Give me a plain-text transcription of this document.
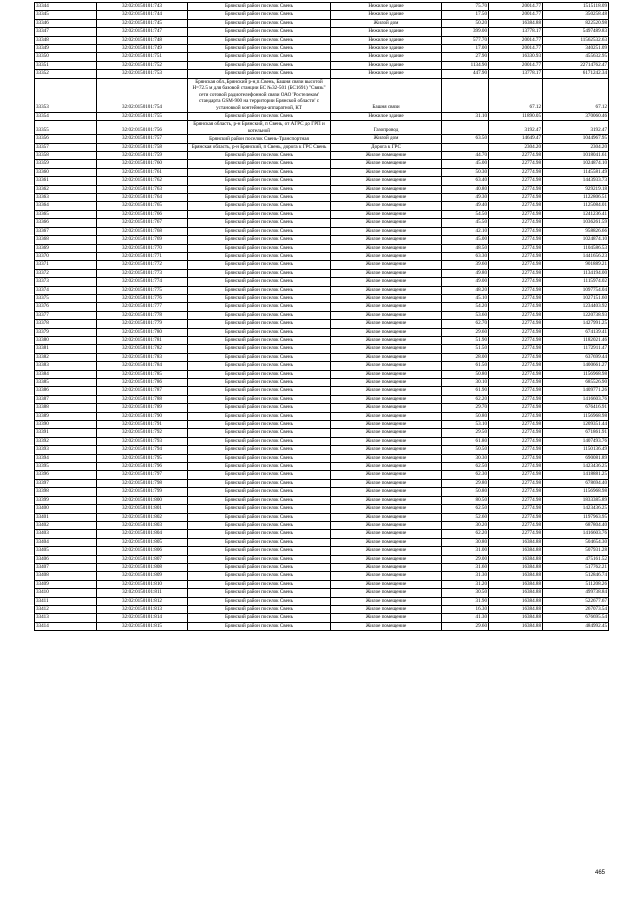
33344	32:02:0150101:743	Брянский район поселок Свень	Нежилое здание	75.70	20014.77	1515118.09
33345	32:02:0150101:744	Брянский район поселок Свень	Нежилое здание	17.50	20014.77	350258.48
33346	32:02:0150101:745	Брянский район поселок Свень	Жилой дом	50.20	16384.88	822520.98
33347	32:02:0150101:747	Брянский район поселок Свень	Нежилое здание	399.00	13778.17	5497489.83
33348	32:02:0150101:748	Брянский район поселок Свень	Нежилое здание	577.70	20014.77	11562532.63
33349	32:02:0150101:749	Брянский район поселок Свень	Нежилое здание	17.00	20014.77	340251.09
33350	32:02:0150101:751	Брянский район поселок Свень	Нежилое здание	27.90	16330.93	455632.95
33351	32:02:0150101:752	Брянский район поселок Свень	Нежилое здание	1134.90	20014.77	22714762.47
33352	32:02:0150101:753	Брянский район поселок Свень	Нежилое здание	447.90	13778.17	6171242.34
33353	32:02:0150101:754	Брянская обл.,Брянский р-н,п.Свень, Башня связи высотой Н=72.5 м для базовой станции БС №32-501 (БС1691) "Связь" сети сотовой радиотелефонной связи ОАО 'Ростелеком' стандарта GSM-900 на территории Брянской области' с установкой контейнера-аппаратной, КТ	Башня связи		67.12	67.12
33354	32:02:0150101:755	Брянский район поселок Свень	Нежилое здание	31.10	11890.05	370060.46
33355	32:02:0150101:756	Брянская область, р-н Брянский, п Свень, от АГРС до ГРП и котельной	Газопровод		3192.47	3192.47
33356	32:02:0150101:757	Брянский район поселок Свень-Транспортная	Жилой дом	63.50	14649.47	1044967.95
33357	32:02:0150101:758	Брянская область, р-н Брянский, п Свень, дорога к ГРС Свень	Дорога к ГРС		2304.20	2304.20
33358	32:02:0150101:759	Брянский район поселок Свень	Жилое помещение	44.70	22774.98	1018041.61
33359	32:02:0150101:760	Брянский район поселок Свень	Жилое помещение	45.00	22774.98	1024874.10
33360	32:02:0150101:761	Брянский район поселок Свень	Жилое помещение	50.30	22774.98	1145581.49
33361	32:02:0150101:762	Брянский район поселок Свень	Жилое помещение	63.40	22774.98	1443933.73
33362	32:02:0150101:763	Брянский район поселок Свень	Жилое помещение	40.80	22774.98	929219.18
33363	32:02:0150101:764	Брянский район поселок Свень	Жилое помещение	49.30	22774.98	1122806.51
33364	32:02:0150101:765	Брянский район поселок Свень	Жилое помещение	49.40	22774.98	1125084.01
33365	32:02:0150101:766	Брянский район поселок Свень	Жилое помещение	54.50	22774.98	1241236.41
33366	32:02:0150101:767	Брянский район поселок Свень	Жилое помещение	45.50	22774.98	1036261.59
33367	32:02:0150101:768	Брянский район поселок Свень	Жилое помещение	42.10	22774.98	958826.66
33368	32:02:0150101:769	Брянский район поселок Свень	Жилое помещение	45.00	22774.98	1024874.10
33369	32:02:0150101:770	Брянский район поселок Свень	Жилое помещение	48.50	22774.98	1104586.53
33370	32:02:0150101:771	Брянский район поселок Свень	Жилое помещение	63.30	22774.98	1441656.23
33371	32:02:0150101:772	Брянский район поселок Свень	Жилое помещение	39.60	22774.98	901889.21
33372	32:02:0150101:773	Брянский район поселок Свень	Жилое помещение	49.80	22774.98	1134194.00
33373	32:02:0150101:774	Брянский район поселок Свень	Жилое помещение	49.00	22774.98	1115974.02
33374	32:02:0150101:775	Брянский район поселок Свень	Жилое помещение	48.20	22774.98	1097754.04
33375	32:02:0150101:776	Брянский район поселок Свень	Жилое помещение	45.10	22774.98	1027151.60
33376	32:02:0150101:777	Брянский район поселок Свень	Жилое помещение	54.20	22774.98	1234403.92
33377	32:02:0150101:778	Брянский район поселок Свень	Жилое помещение	53.60	22774.98	1220738.93
33378	32:02:0150101:779	Брянский район поселок Свень	Жилое помещение	62.70	22774.98	1427991.25
33379	32:02:0150101:780	Брянский район поселок Свень	Жилое помещение	29.60	22774.98	674139.41
33380	32:02:0150101:781	Брянский район поселок Свень	Жилое помещение	51.90	22774.98	1182021.46
33381	32:02:0150101:782	Брянский район поселок Свень	Жилое помещение	51.50	22774.98	1172911.47
33382	32:02:0150101:783	Брянский район поселок Свень	Жилое помещение	28.00	22774.98	637699.44
33383	32:02:0150101:784	Брянский район поселок Свень	Жилое помещение	61.50	22774.98	1400661.27
33384	32:02:0150101:785	Брянский район поселок Свень	Жилое помещение	50.80	22774.98	1156968.98
33385	32:02:0150101:786	Брянский район поселок Свень	Жилое помещение	30.10	22774.98	685526.90
33386	32:02:0150101:787	Брянский район поселок Свень	Жилое помещение	61.90	22774.98	1409771.26
33387	32:02:0150101:788	Брянский район поселок Свень	Жилое помещение	62.20	22774.98	1416603.76
33388	32:02:0150101:789	Брянский район поселок Свень	Жилое помещение	29.70	22774.98	676416.91
33389	32:02:0150101:790	Брянский район поселок Свень	Жилое помещение	50.80	22774.98	1156968.98
33390	32:02:0150101:791	Брянский район поселок Свень	Жилое помещение	53.10	22774.98	1209351.44
33391	32:02:0150101:792	Брянский район поселок Свень	Жилое помещение	29.50	22774.98	671861.91
33392	32:02:0150101:793	Брянский район поселок Свень	Жилое помещение	61.80	22774.98	1407493.76
33393	32:02:0150101:794	Брянский район поселок Свень	Жилое помещение	50.50	22774.98	1150136.49
33394	32:02:0150101:795	Брянский район поселок Свень	Жилое помещение	30.30	22774.98	690081.89
33395	32:02:0150101:796	Брянский район поселок Свень	Жилое помещение	62.50	22774.98	1423436.25
33396	32:02:0150101:797	Брянский район поселок Свень	Жилое помещение	62.30	22774.98	1418881.25
33397	32:02:0150101:798	Брянский район поселок Свень	Жилое помещение	29.80	22774.98	678694.40
33398	32:02:0150101:799	Брянский район поселок Свень	Жилое помещение	50.80	22774.98	1156968.98
33399	32:02:0150101:800	Брянский район поселок Свень	Жилое помещение	80.50	22774.98	1833385.89
33400	32:02:0150101:801	Брянский район поселок Свень	Жилое помещение	62.50	22774.98	1423436.25
33401	32:02:0150101:802	Брянский район поселок Свень	Жилое помещение	52.60	22774.98	1197963.95
33402	32:02:0150101:803	Брянский район поселок Свень	Жилое помещение	30.20	22774.98	687804.40
33403	32:02:0150101:804	Брянский район поселок Свень	Жилое помещение	62.20	22774.98	1416603.76
33404	32:02:0150101:805	Брянский район поселок Свень	Жилое помещение	30.80	16384.88	504654.30
33405	32:02:0150101:806	Брянский район поселок Свень	Жилое помещение	31.00	16384.88	507931.28
33406	32:02:0150101:807	Брянский район поселок Свень	Жилое помещение	29.00	16384.88	475161.52
33407	32:02:0150101:808	Брянский район поселок Свень	Жилое помещение	31.60	16384.88	517762.21
33408	32:02:0150101:809	Брянский район поселок Свень	Жилое помещение	31.30	16384.88	512846.74
33409	32:02:0150101:810	Брянский район поселок Свень	Жилое помещение	31.20	16384.88	511208.26
33410	32:02:0150101:811	Брянский район поселок Свень	Жилое помещение	30.50	16384.88	499738.84
33411	32:02:0150101:812	Брянский район поселок Свень	Жилое помещение	31.90	16384.88	522677.67
33412	32:02:0150101:813	Брянский район поселок Свень	Жилое помещение	16.30	16384.88	267073.54
33413	32:02:0150101:814	Брянский район поселок Свень	Жилое помещение	41.30	16384.88	676695.54
33414	32:02:0150101:815	Брянский район поселок Свень	Жилое помещение	29.60	16384.88	484992.45
465
